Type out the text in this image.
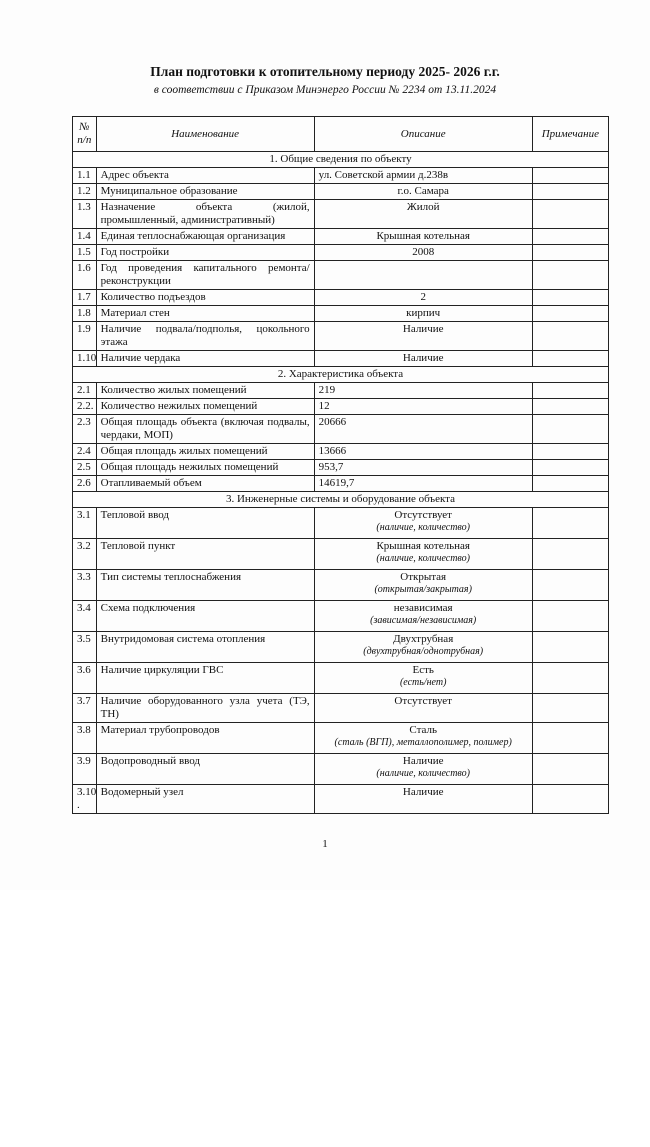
План подготовки к отопительному периоду 2025- 2026 г.г.
в соответствии с Приказом Минэнерго России № 2234 от 13.11.2024
№ п/п	Наименование	Описание	Примечание
1. Общие сведения по объекту			
1.1	Адрес объекта	ул. Советской армии д.238в	
1.2	Муниципальное образование	г.о. Самара	
1.3	Назначение объекта (жилой, промышленный, административный)	Жилой	
1.4	Единая теплоснабжающая организация	Крышная котельная	
1.5	Год постройки	2008	
1.6	Год проведения капитального ремонта/реконструкции		
1.7	Количество подъездов	2	
1.8	Материал стен	кирпич	
1.9	Наличие подвала/подполья, цокольного этажа	Наличие	
1.10	Наличие чердака	Наличие	
2. Характеристика объекта			
2.1	Количество жилых помещений	219	
2.2.	Количество нежилых помещений	12	
2.3	Общая площадь объекта (включая подвалы, чердаки, МОП)	20666	
2.4	Общая площадь жилых помещений	13666	
2.5	Общая площадь нежилых помещений	953,7	
2.6	Отапливаемый объем	14619,7	
3. Инженерные системы и оборудование объекта			
3.1	Тепловой ввод	Отсутствует
(наличие, количество)	

3.2	Тепловой пункт	Крышная котельная
(наличие, количество)	

3.3	Тип системы теплоснабжения	Открытая
(открытая/закрытая)	

3.4	Схема подключения	независимая
(зависимая/независимая)	

3.5	Внутридомовая система отопления	Двухтрубная
(двухтрубная/однотрубная)	

3.6	Наличие циркуляции ГВС	Есть
(есть/нет)	

3.7	Наличие оборудованного узла учета (ТЭ, ТН)	Отсутствует	
3.8	Материал трубопроводов	Сталь
(сталь (ВГП), металлополимер, полимер)	

3.9	Водопроводный ввод	Наличие
(наличие, количество)	

3.10 .	Водомерный узел	Наличие	
1
